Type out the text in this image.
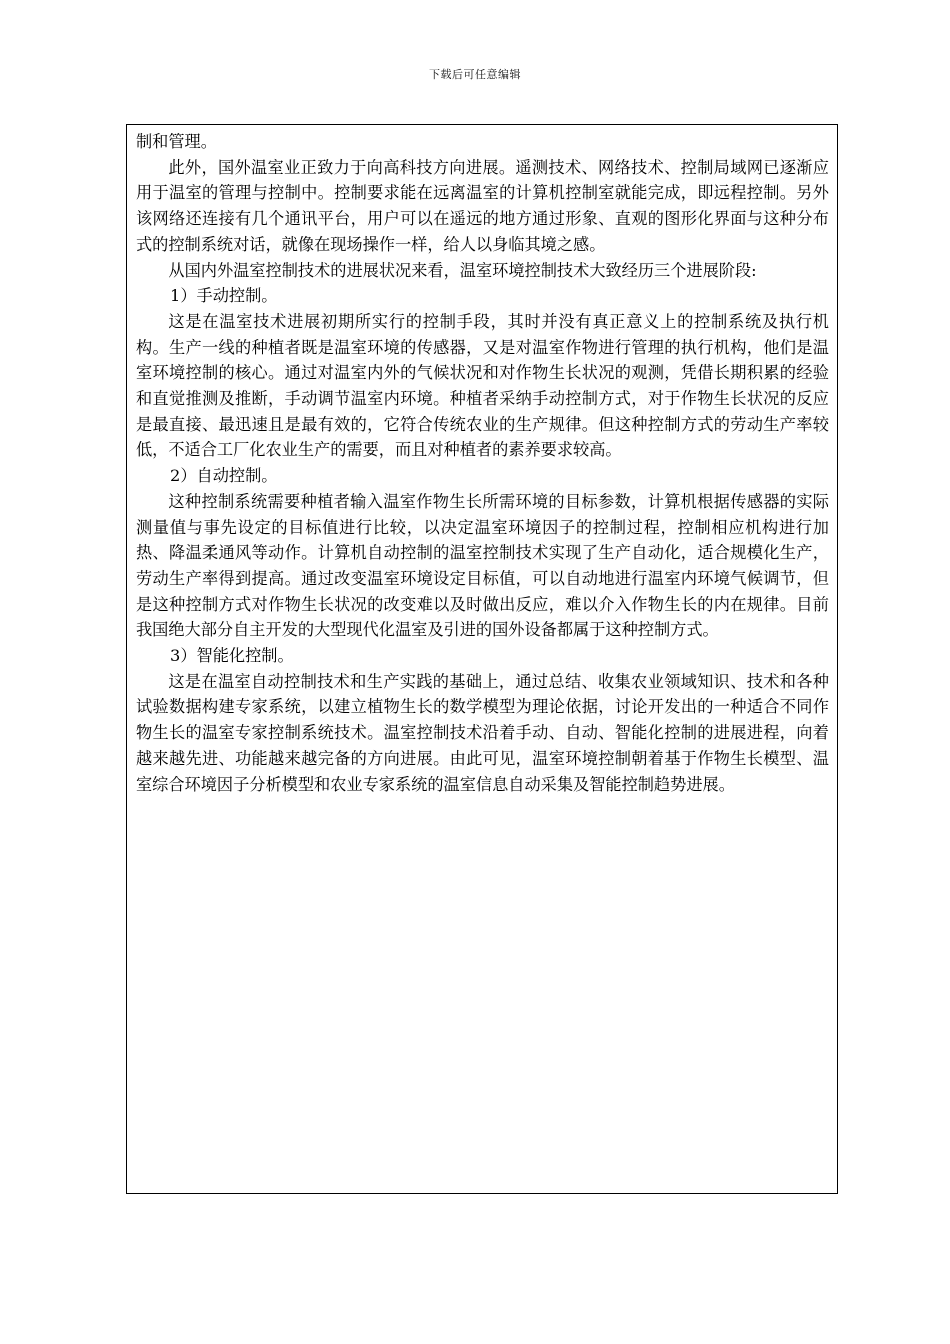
下载后可任意编辑

制和管理。

此外，国外温室业正致力于向高科技方向进展。遥测技术、网络技术、控制局域网已逐渐应用于温室的管理与控制中。控制要求能在远离温室的计算机控制室就能完成，即远程控制。另外该网络还连接有几个通讯平台，用户可以在遥远的地方通过形象、直观的图形化界面与这种分布式的控制系统对话，就像在现场操作一样，给人以身临其境之感。

从国内外温室控制技术的进展状况来看，温室环境控制技术大致经历三个进展阶段:

1）手动控制。

这是在温室技术进展初期所实行的控制手段，其时并没有真正意义上的控制系统及执行机构。生产一线的种植者既是温室环境的传感器，又是对温室作物进行管理的执行机构，他们是温室环境控制的核心。通过对温室内外的气候状况和对作物生长状况的观测，凭借长期积累的经验和直觉推测及推断，手动调节温室内环境。种植者采纳手动控制方式，对于作物生长状况的反应是最直接、最迅速且是最有效的，它符合传统农业的生产规律。但这种控制方式的劳动生产率较低，不适合工厂化农业生产的需要，而且对种植者的素养要求较高。

2）自动控制。

这种控制系统需要种植者输入温室作物生长所需环境的目标参数，计算机根据传感器的实际测量值与事先设定的目标值进行比较，以决定温室环境因子的控制过程，控制相应机构进行加热、降温柔通风等动作。计算机自动控制的温室控制技术实现了生产自动化，适合规模化生产，劳动生产率得到提高。通过改变温室环境设定目标值，可以自动地进行温室内环境气候调节，但是这种控制方式对作物生长状况的改变难以及时做出反应，难以介入作物生长的内在规律。目前我国绝大部分自主开发的大型现代化温室及引进的国外设备都属于这种控制方式。

3）智能化控制。

这是在温室自动控制技术和生产实践的基础上，通过总结、收集农业领域知识、技术和各种试验数据构建专家系统，以建立植物生长的数学模型为理论依据，讨论开发出的一种适合不同作物生长的温室专家控制系统技术。温室控制技术沿着手动、自动、智能化控制的进展进程，向着越来越先进、功能越来越完备的方向进展。由此可见，温室环境控制朝着基于作物生长模型、温室综合环境因子分析模型和农业专家系统的温室信息自动采集及智能控制趋势进展。
